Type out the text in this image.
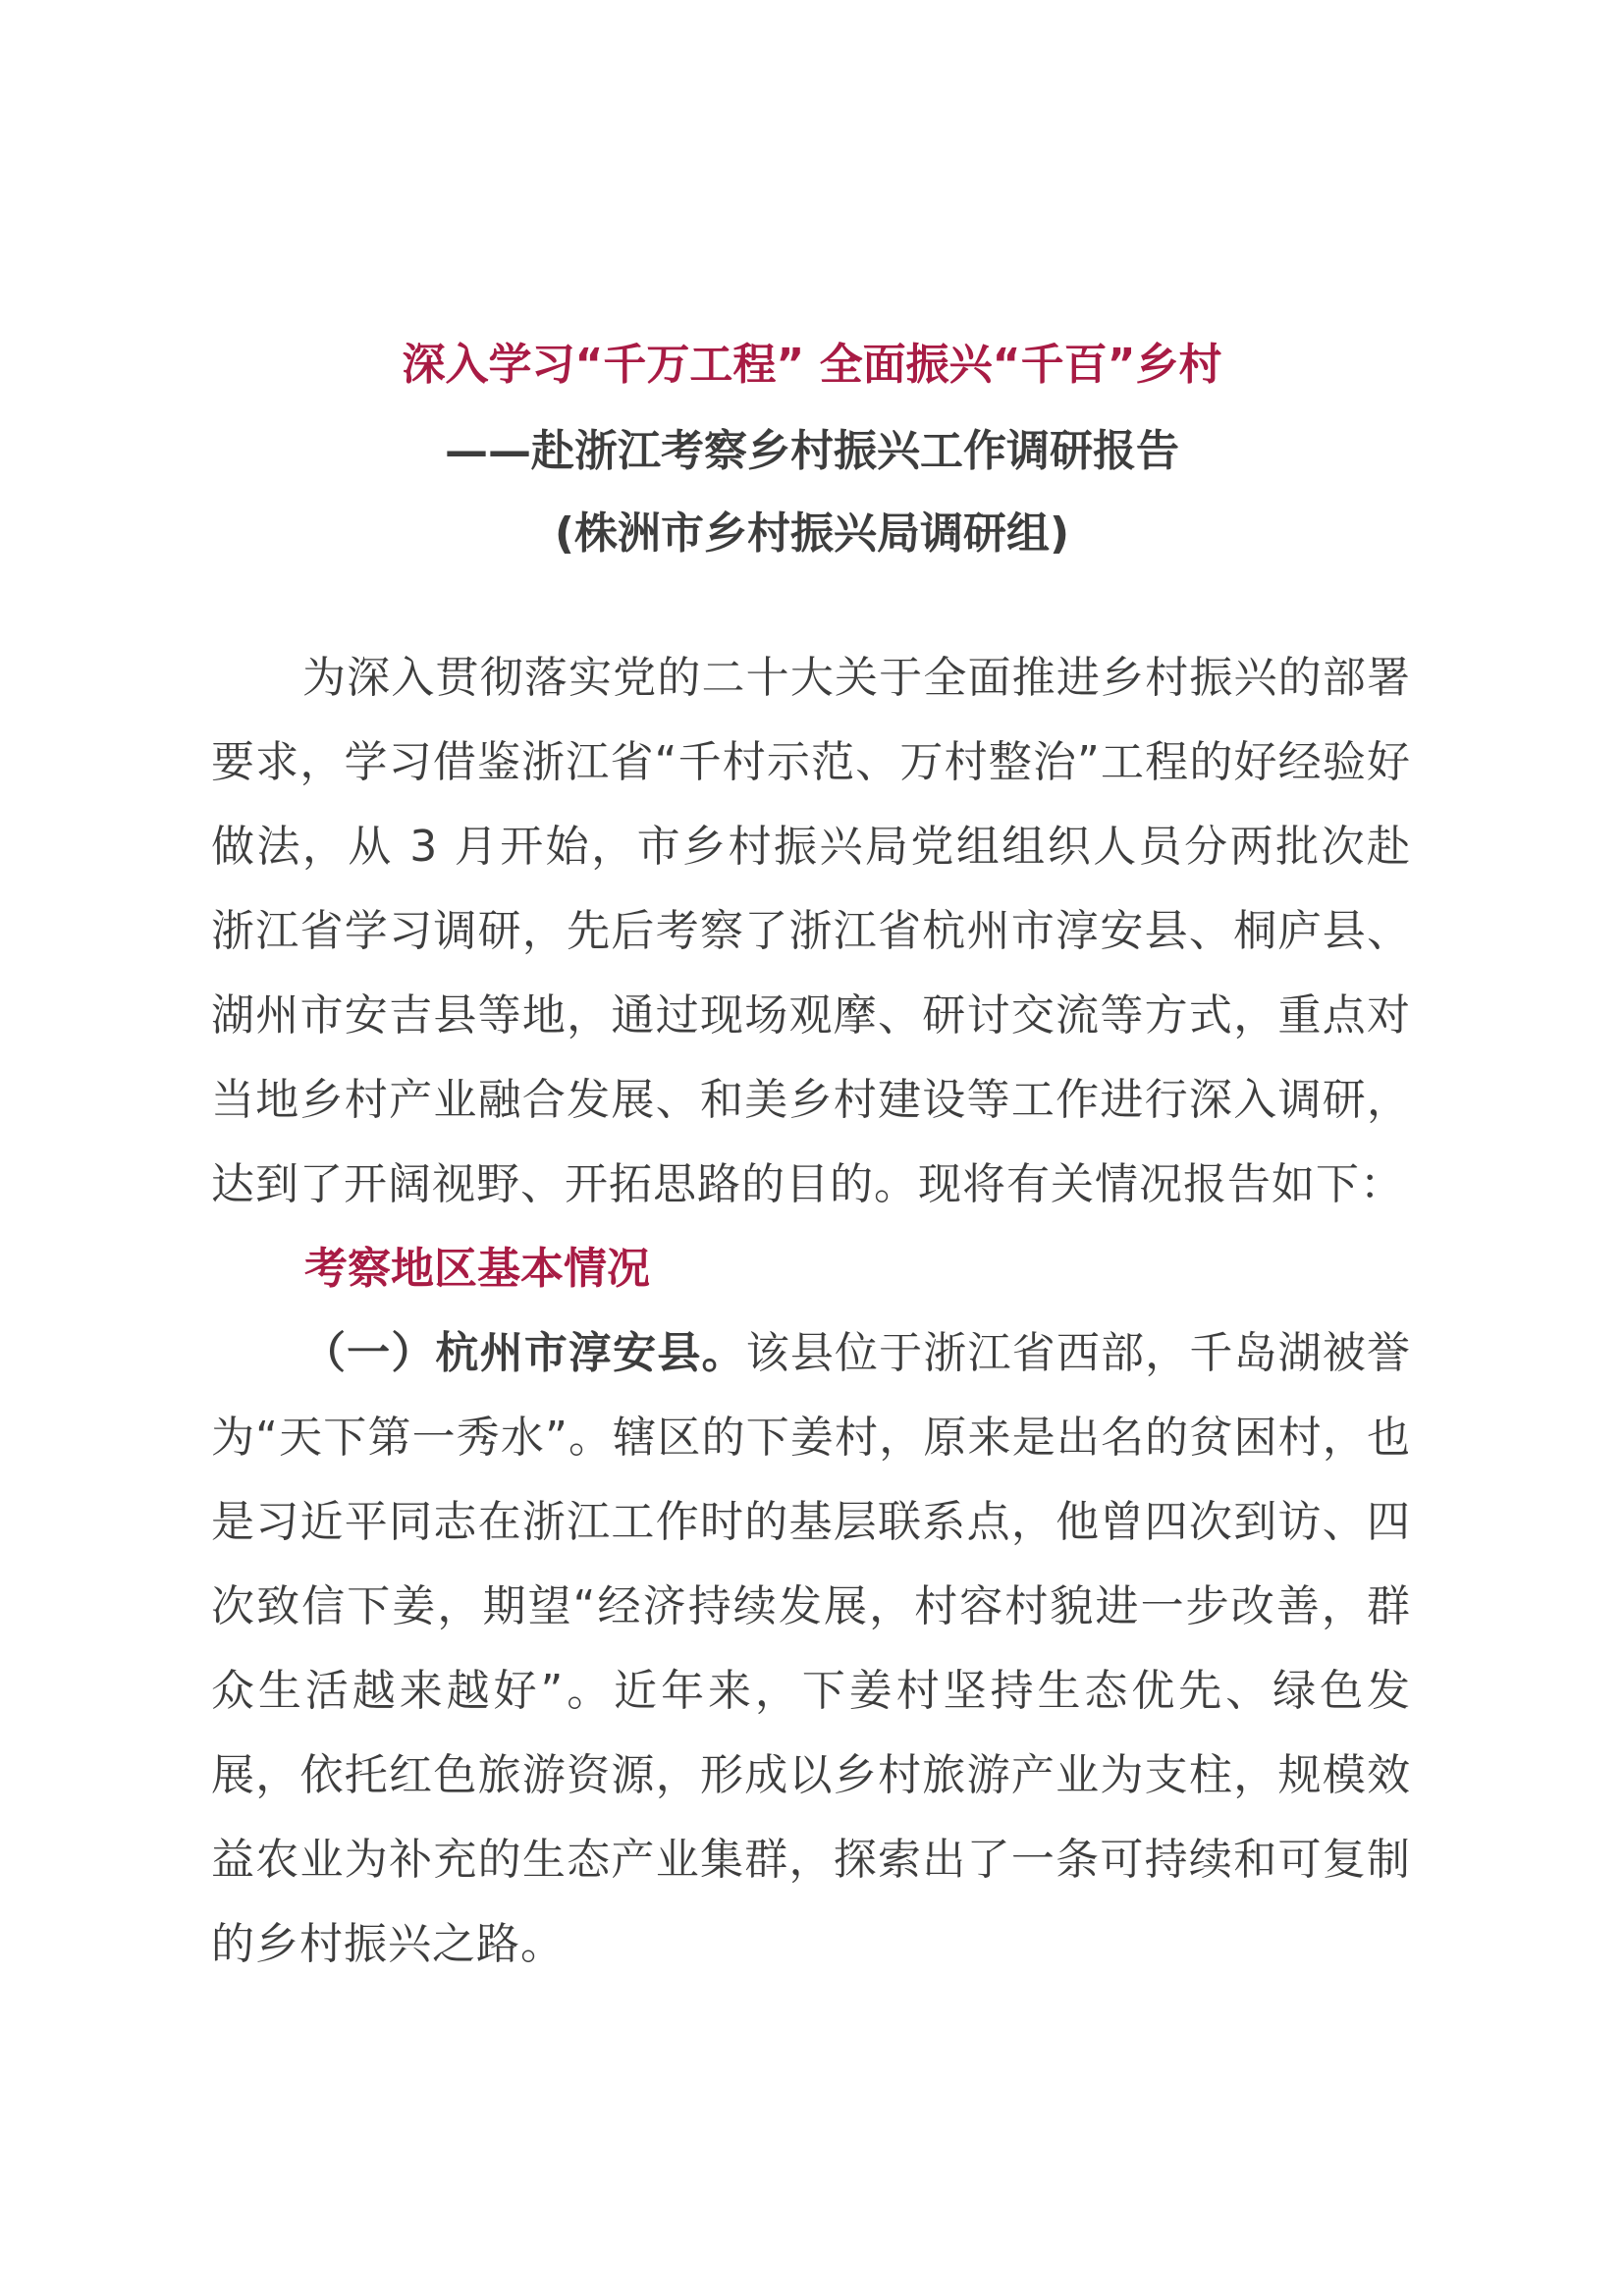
深入学习“千万工程” 全面振兴“千百”乡村
——赴浙江考察乡村振兴工作调研报告
(株洲市乡村振兴局调研组)

为深入贯彻落实党的二十大关于全面推进乡村振兴的部署要求，学习借鉴浙江省“千村示范、万村整治”工程的好经验好做法，从 3 月开始，市乡村振兴局党组组织人员分两批次赴浙江省学习调研，先后考察了浙江省杭州市淳安县、桐庐县、湖州市安吉县等地，通过现场观摩、研讨交流等方式，重点对当地乡村产业融合发展、和美乡村建设等工作进行深入调研，达到了开阔视野、开拓思路的目的。现将有关情况报告如下：

考察地区基本情况

（一）杭州市淳安县。该县位于浙江省西部，千岛湖被誉为“天下第一秀水”。辖区的下姜村，原来是出名的贫困村，也是习近平同志在浙江工作时的基层联系点，他曾四次到访、四次致信下姜，期望“经济持续发展，村容村貌进一步改善，群众生活越来越好”。近年来，下姜村坚持生态优先、绿色发展，依托红色旅游资源，形成以乡村旅游产业为支柱，规模效益农业为补充的生态产业集群，探索出了一条可持续和可复制的乡村振兴之路。
